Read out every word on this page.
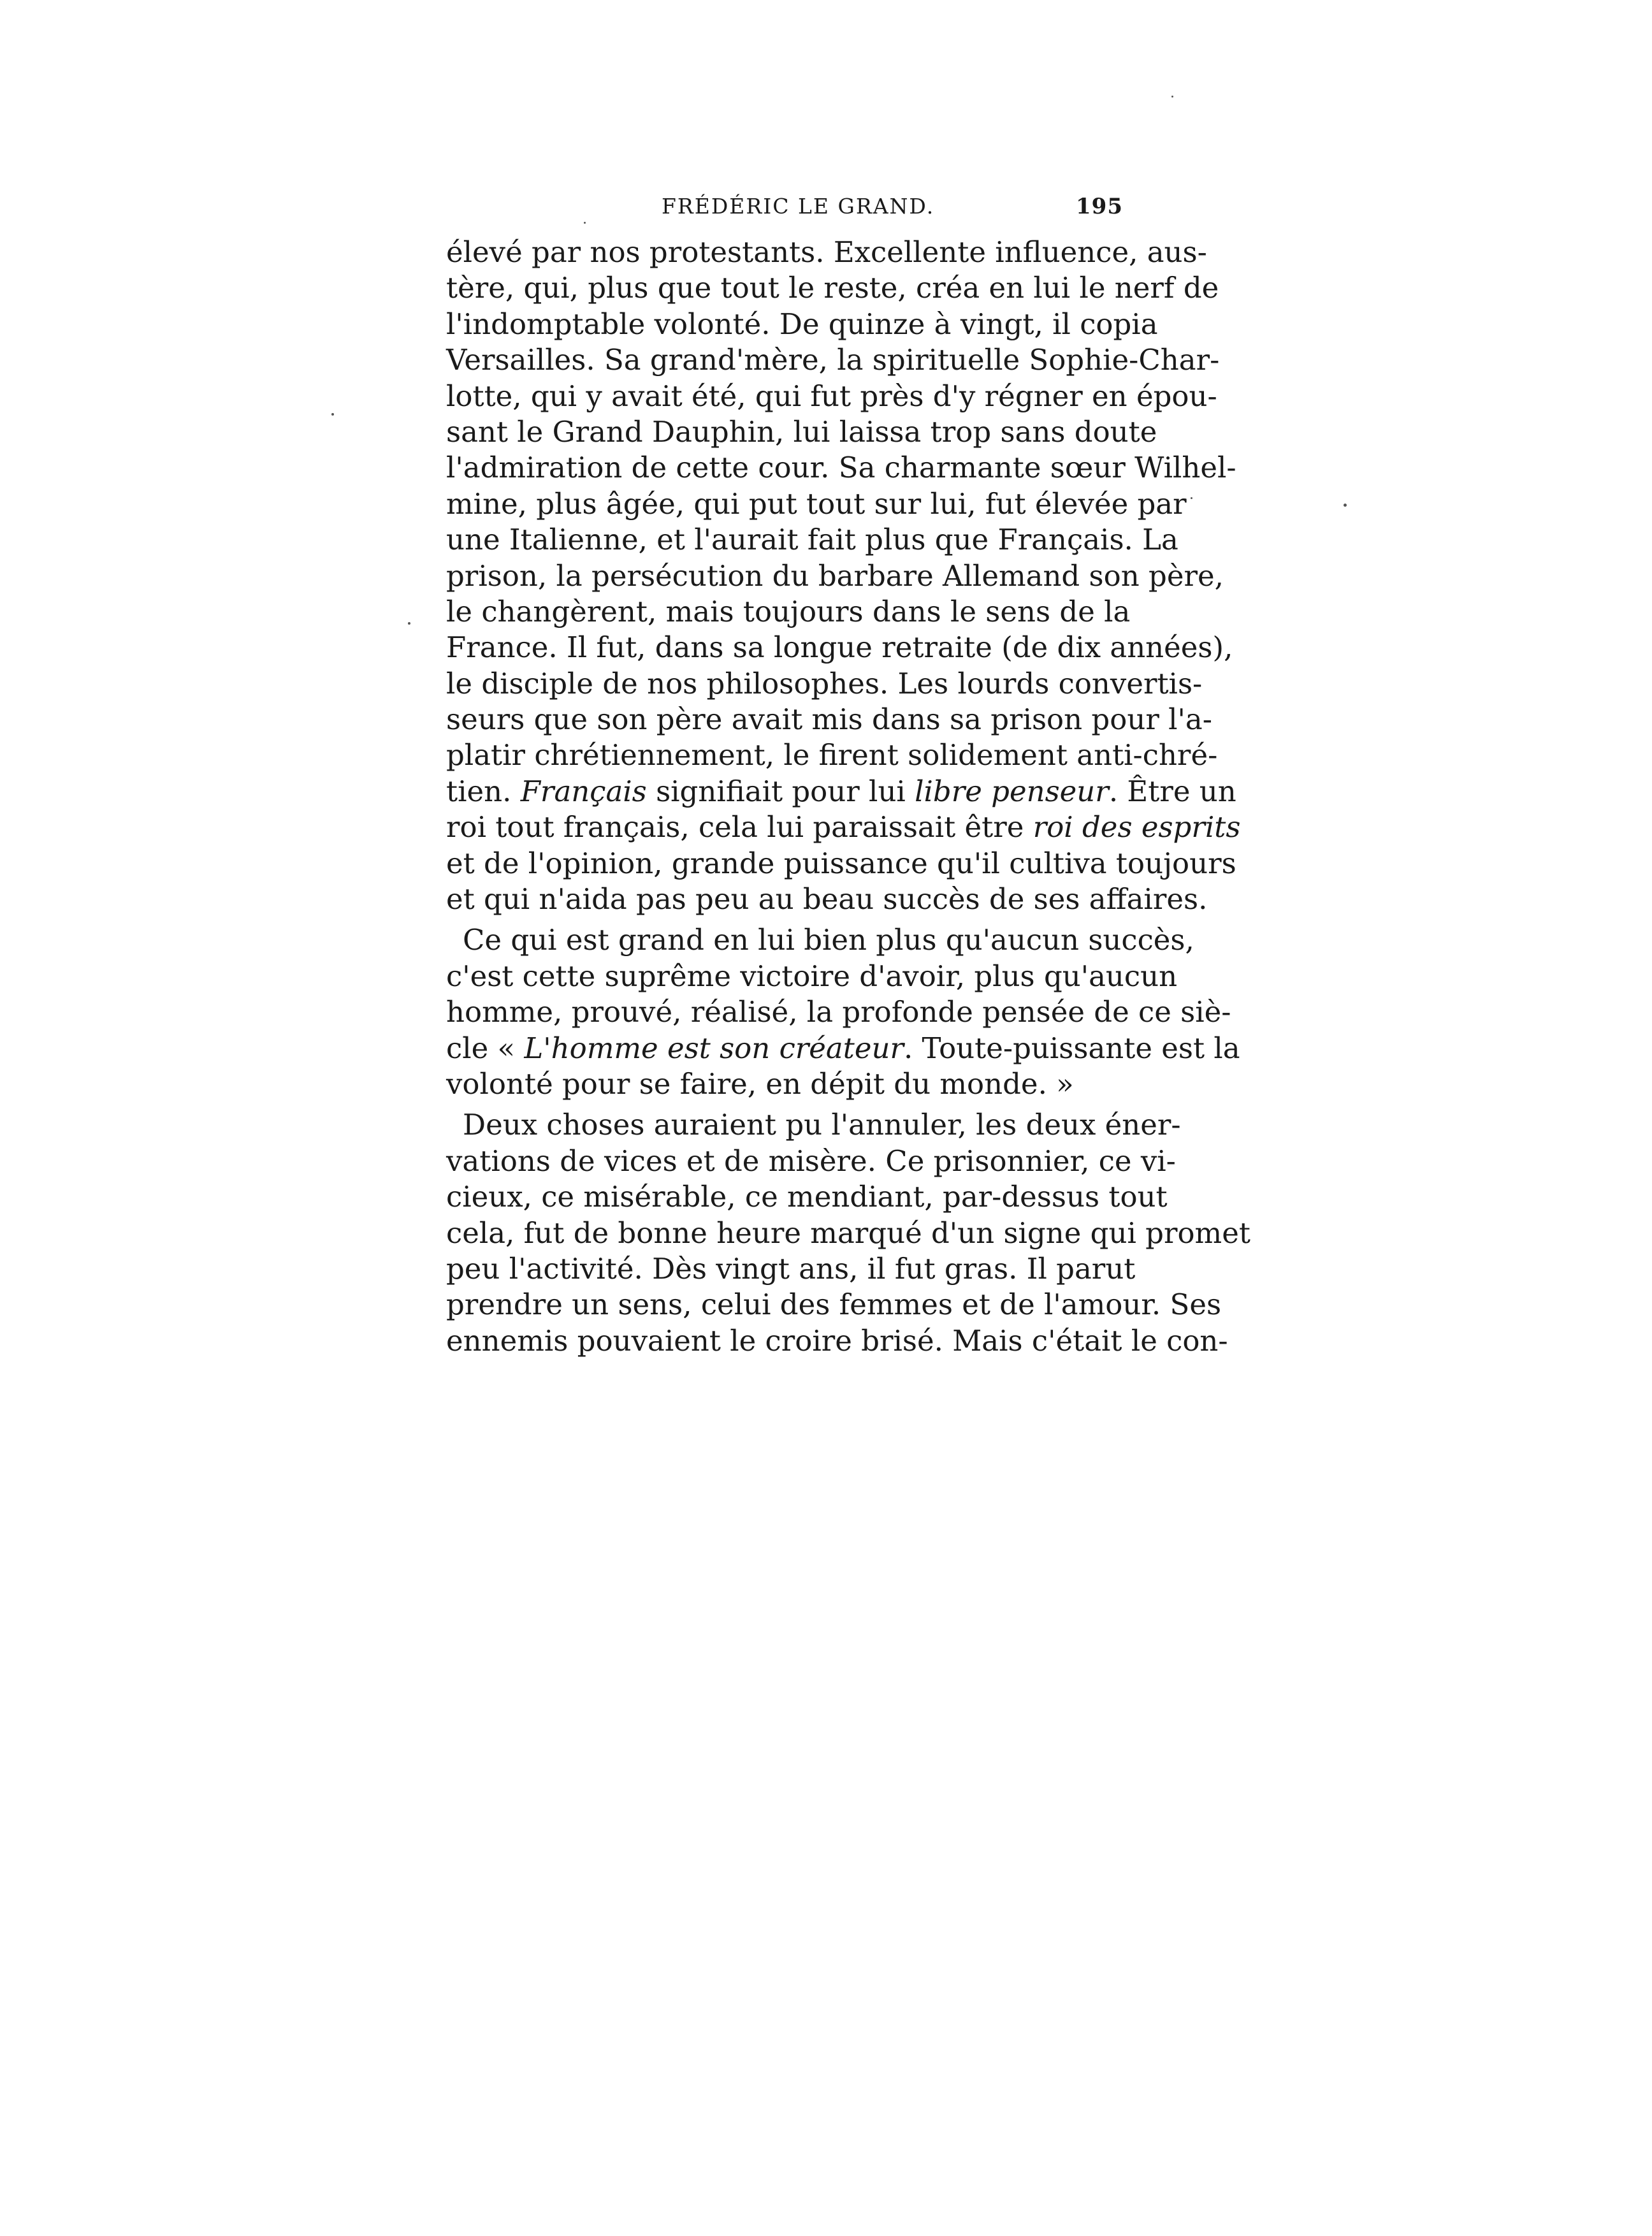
FRÉDÉRIC LE GRAND.	195
élevé par nos protestants. Excellente influence, aus-
tère, qui, plus que tout le reste, créa en lui le nerf de
l'indomptable volonté. De quinze à vingt, il copia
Versailles. Sa grand'mère, la spirituelle Sophie-Char-
lotte, qui y avait été, qui fut près d'y régner en épou-
sant le Grand Dauphin, lui laissa trop sans doute
l'admiration de cette cour. Sa charmante sœur Wilhel-
mine, plus âgée, qui put tout sur lui, fut élevée par
une Italienne, et l'aurait fait plus que Français. La
prison, la persécution du barbare Allemand son père,
le changèrent, mais toujours dans le sens de la
France. Il fut, dans sa longue retraite (de dix années),
le disciple de nos philosophes. Les lourds convertis-
seurs que son père avait mis dans sa prison pour l'a-
platir chrétiennement, le firent solidement anti-chré-
tien. Français signifiait pour lui libre penseur. Être un
roi tout français, cela lui paraissait être roi des esprits
et de l'opinion, grande puissance qu'il cultiva toujours
et qui n'aida pas peu au beau succès de ses affaires.
Ce qui est grand en lui bien plus qu'aucun succès,
c'est cette suprême victoire d'avoir, plus qu'aucun
homme, prouvé, réalisé, la profonde pensée de ce siè-
cle « L'homme est son créateur. Toute-puissante est la
volonté pour se faire, en dépit du monde. »
Deux choses auraient pu l'annuler, les deux éner-
vations de vices et de misère. Ce prisonnier, ce vi-
cieux, ce misérable, ce mendiant, par-dessus tout
cela, fut de bonne heure marqué d'un signe qui promet
peu l'activité. Dès vingt ans, il fut gras. Il parut
prendre un sens, celui des femmes et de l'amour. Ses
ennemis pouvaient le croire brisé. Mais c'était le con-
